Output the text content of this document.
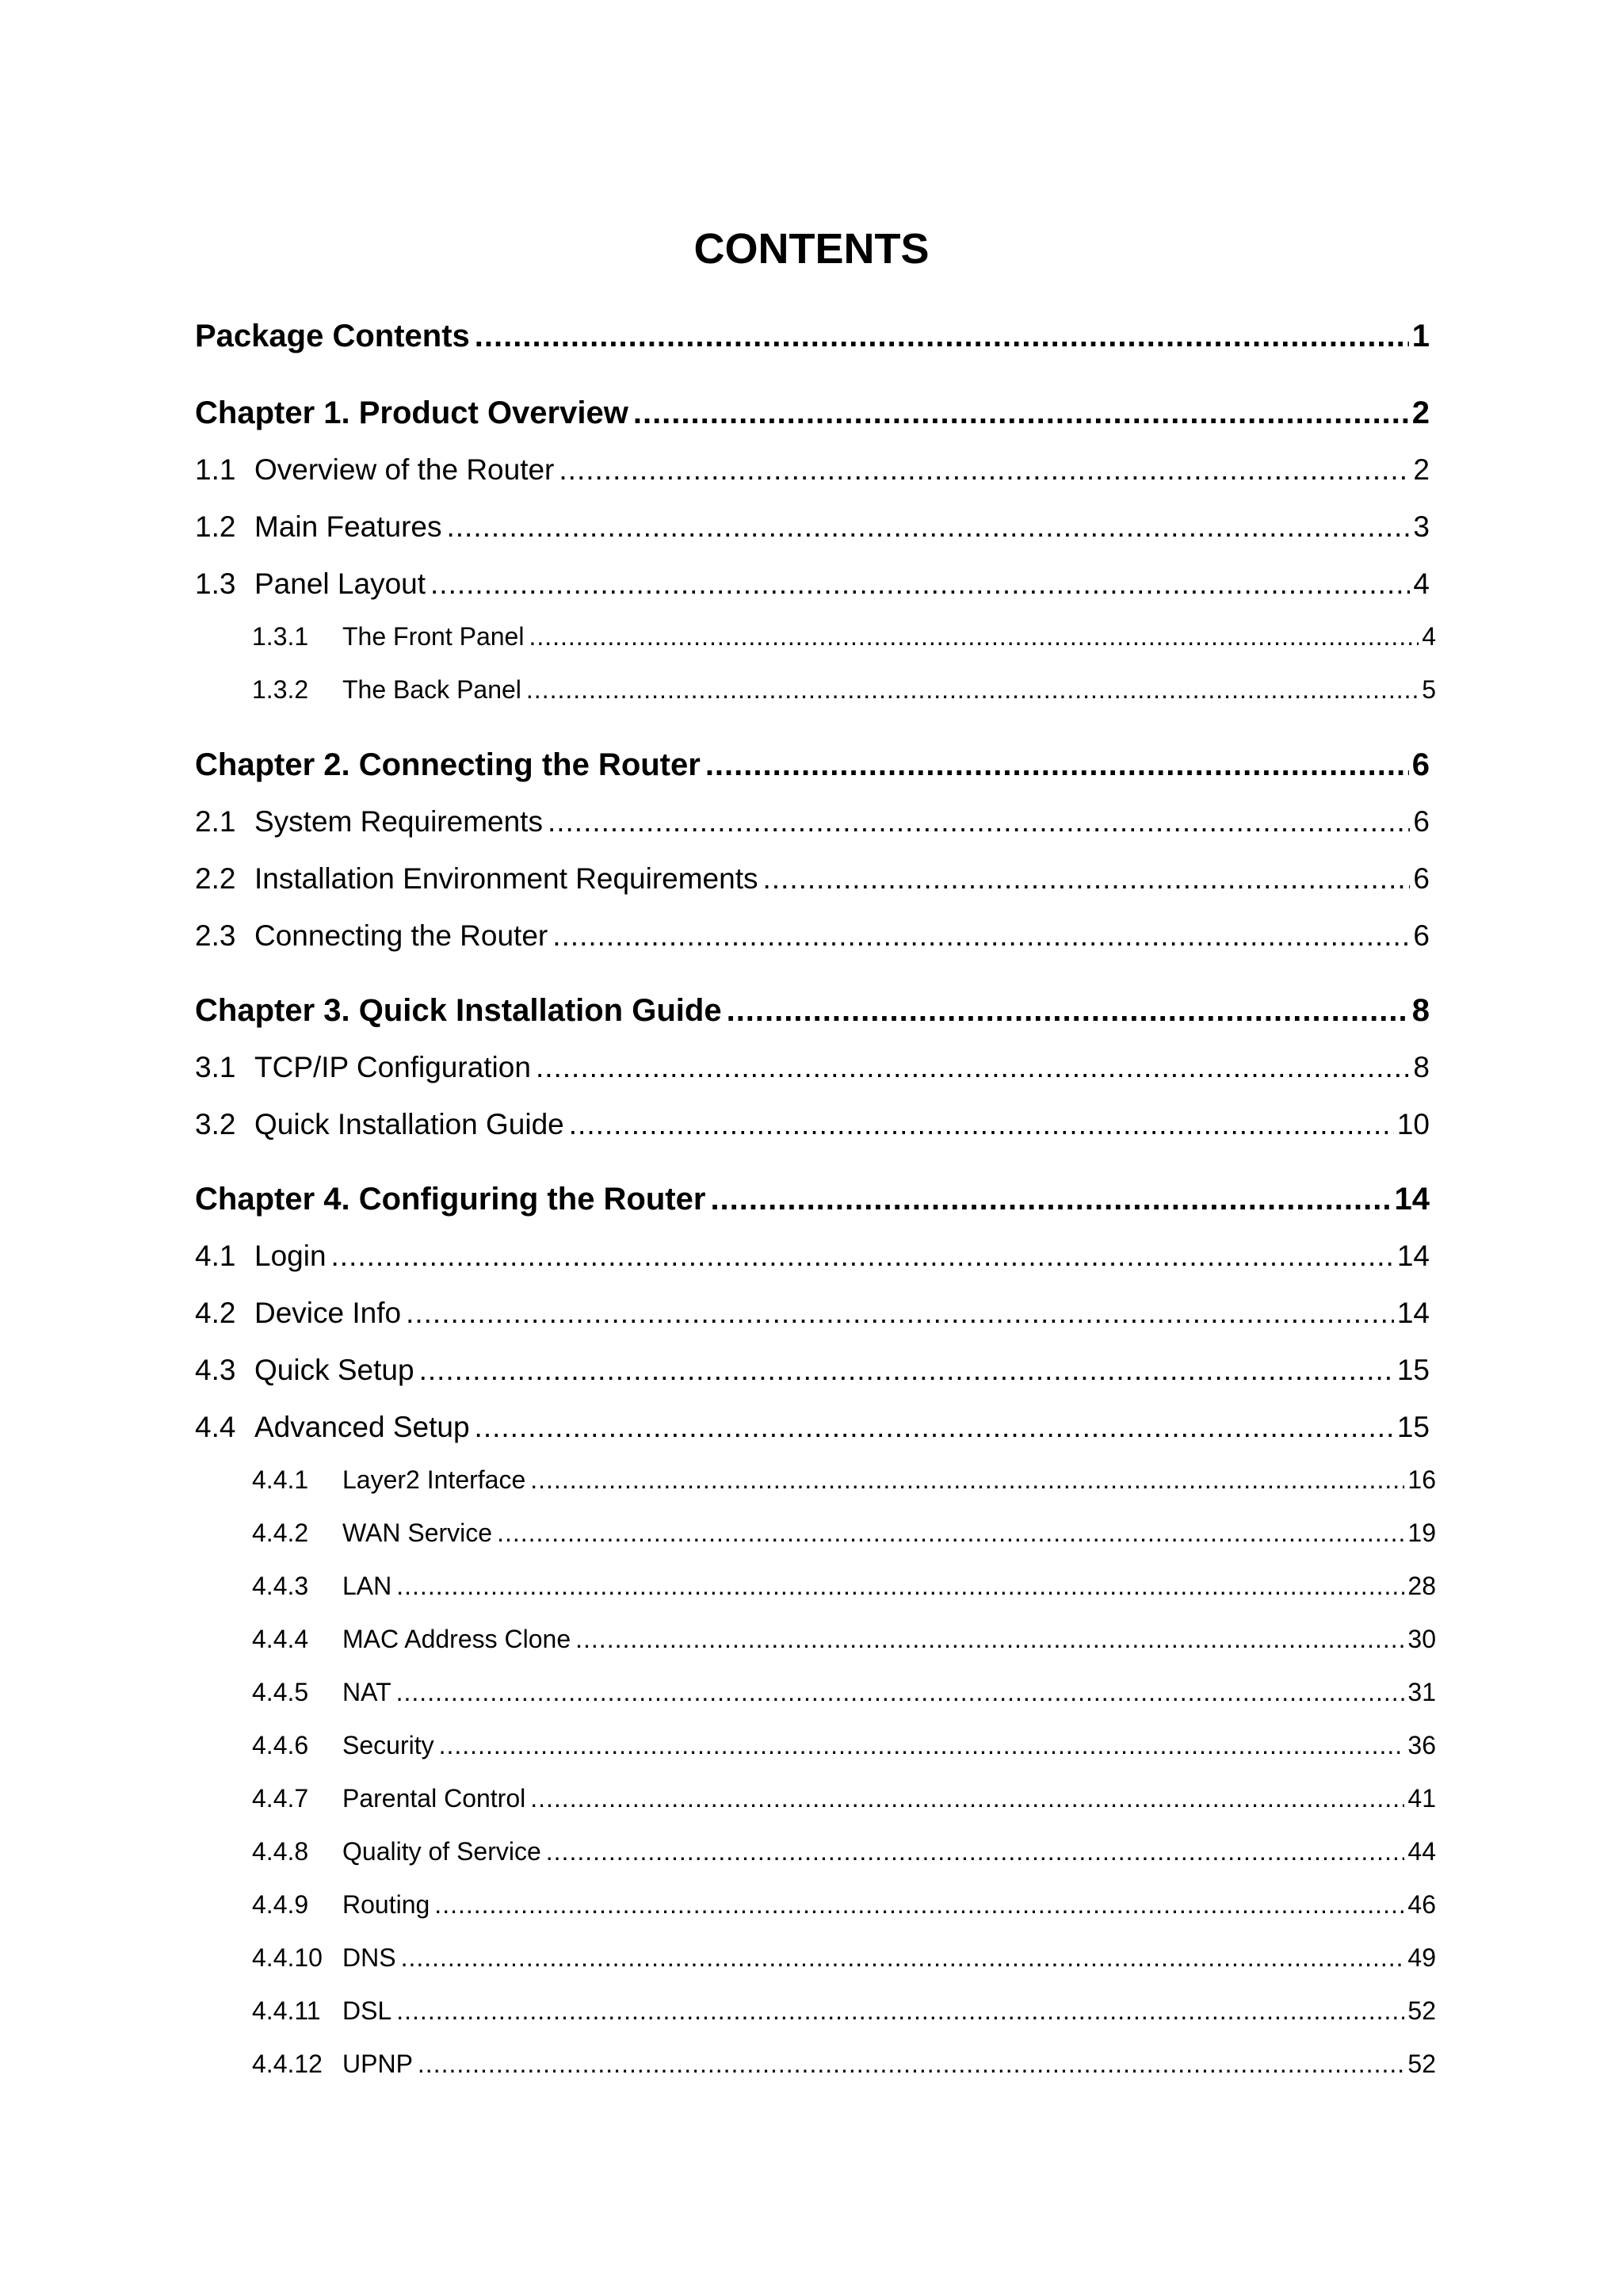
CONTENTS
Package Contents .....	1
Chapter 1. Product Overview .....	2
1.1 Overview of the Router .....	2
1.2 Main Features .....	3
1.3 Panel Layout .....	4
1.3.1	The Front Panel .....	4
1.3.2	The Back Panel .....	5
Chapter 2. Connecting the Router .....	6
2.1 System Requirements .....	6
2.2 Installation Environment Requirements .....	6
2.3 Connecting the Router .....	6
Chapter 3. Quick Installation Guide .....	8
3.1 TCP/IP Configuration .....	8
3.2 Quick Installation Guide .....	10
Chapter 4. Configuring the Router .....	14
4.1 Login .....	14
4.2 Device Info .....	14
4.3 Quick Setup .....	15
4.4 Advanced Setup .....	15
4.4.1	Layer2 Interface .....	16
4.4.2	WAN Service .....	19
4.4.3	LAN .....	28
4.4.4	MAC Address Clone .....	30
4.4.5	NAT .....	31
4.4.6	Security .....	36
4.4.7	Parental Control .....	41
4.4.8	Quality of Service .....	44
4.4.9	Routing .....	46
4.4.10 DNS .....	49
4.4.11 DSL .....	52
4.4.12 UPNP .....	52
